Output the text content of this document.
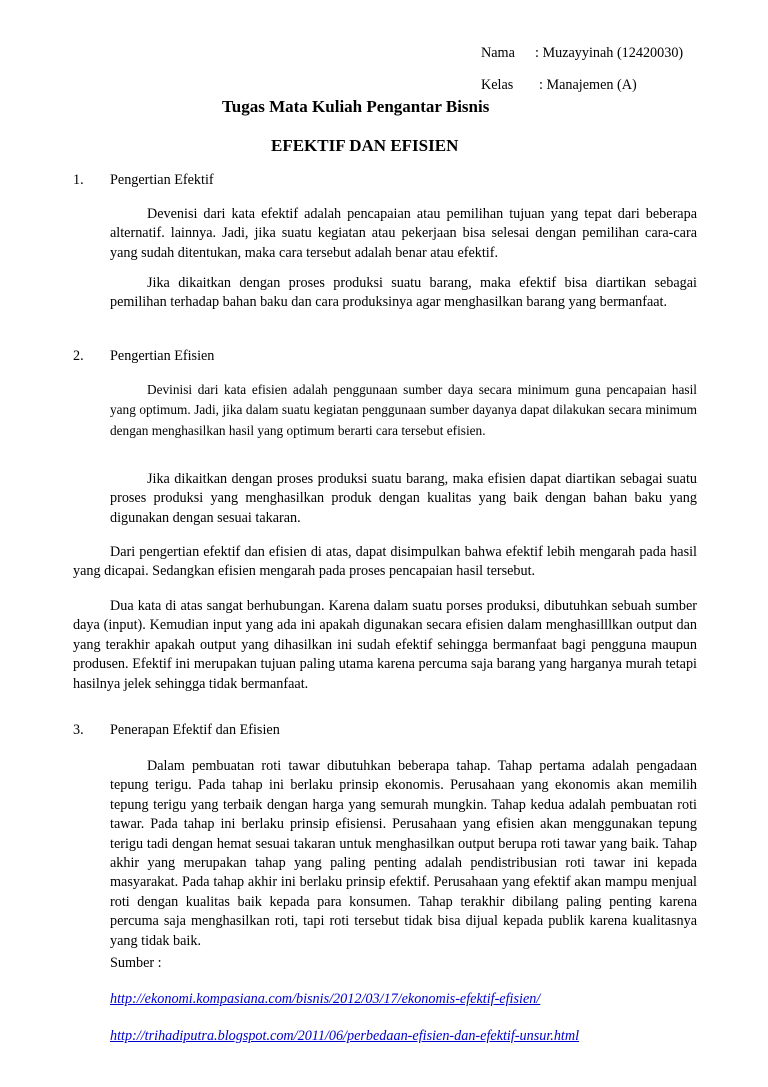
Nama : Muzayyinah (12420030)
Kelas : Manajemen (A)
Tugas Mata Kuliah Pengantar Bisnis
EFEKTIF DAN EFISIEN
1. Pengertian Efektif
Devenisi dari kata efektif adalah pencapaian atau pemilihan tujuan yang tepat dari beberapa alternatif. lainnya. Jadi, jika suatu kegiatan atau pekerjaan bisa selesai dengan pemilihan cara-cara yang sudah ditentukan, maka cara tersebut adalah benar atau efektif.
Jika dikaitkan dengan proses produksi suatu barang, maka efektif bisa diartikan sebagai pemilihan terhadap bahan baku dan cara produksinya agar menghasilkan barang yang bermanfaat.
2. Pengertian Efisien
Devinisi dari kata efisien adalah penggunaan sumber daya secara minimum guna pencapaian hasil yang optimum. Jadi, jika dalam suatu kegiatan penggunaan sumber dayanya dapat dilakukan secara minimum dengan menghasilkan hasil yang optimum berarti cara tersebut efisien.
Jika dikaitkan dengan proses produksi suatu barang, maka efisien dapat diartikan sebagai suatu proses produksi yang menghasilkan produk dengan kualitas yang baik dengan bahan baku yang digunakan dengan sesuai takaran.
Dari pengertian efektif dan efisien di atas, dapat disimpulkan bahwa efektif lebih mengarah pada hasil yang dicapai. Sedangkan efisien mengarah pada proses pencapaian hasil tersebut.
Dua kata di atas sangat berhubungan. Karena dalam suatu porses produksi, dibutuhkan sebuah sumber daya (input). Kemudian input yang ada ini apakah digunakan secara efisien dalam menghasilllkan output dan yang terakhir apakah output yang dihasilkan ini sudah efektif sehingga bermanfaat bagi pengguna maupun produsen. Efektif ini merupakan tujuan paling utama karena percuma saja barang yang harganya murah tetapi hasilnya jelek sehingga tidak bermanfaat.
3. Penerapan Efektif dan Efisien
Dalam pembuatan roti tawar dibutuhkan beberapa tahap. Tahap pertama adalah pengadaan tepung terigu. Pada tahap ini berlaku prinsip ekonomis. Perusahaan yang ekonomis akan memilih tepung terigu yang terbaik dengan harga yang semurah mungkin. Tahap kedua adalah pembuatan roti tawar. Pada tahap ini berlaku prinsip efisiensi. Perusahaan yang efisien akan menggunakan tepung terigu tadi dengan hemat sesuai takaran untuk menghasilkan output berupa roti tawar yang baik. Tahap akhir yang merupakan tahap yang paling penting adalah pendistribusian roti tawar ini kepada masyarakat. Pada tahap akhir ini berlaku prinsip efektif. Perusahaan yang efektif akan mampu menjual roti dengan kualitas baik kepada para konsumen. Tahap terakhir dibilang paling penting karena percuma saja menghasilkan roti, tapi roti tersebut tidak bisa dijual kepada publik karena kualitasnya yang tidak baik.
Sumber :
http://ekonomi.kompasiana.com/bisnis/2012/03/17/ekonomis-efektif-efisien/
http://trihadiputra.blogspot.com/2011/06/perbedaan-efisien-dan-efektif-unsur.html
